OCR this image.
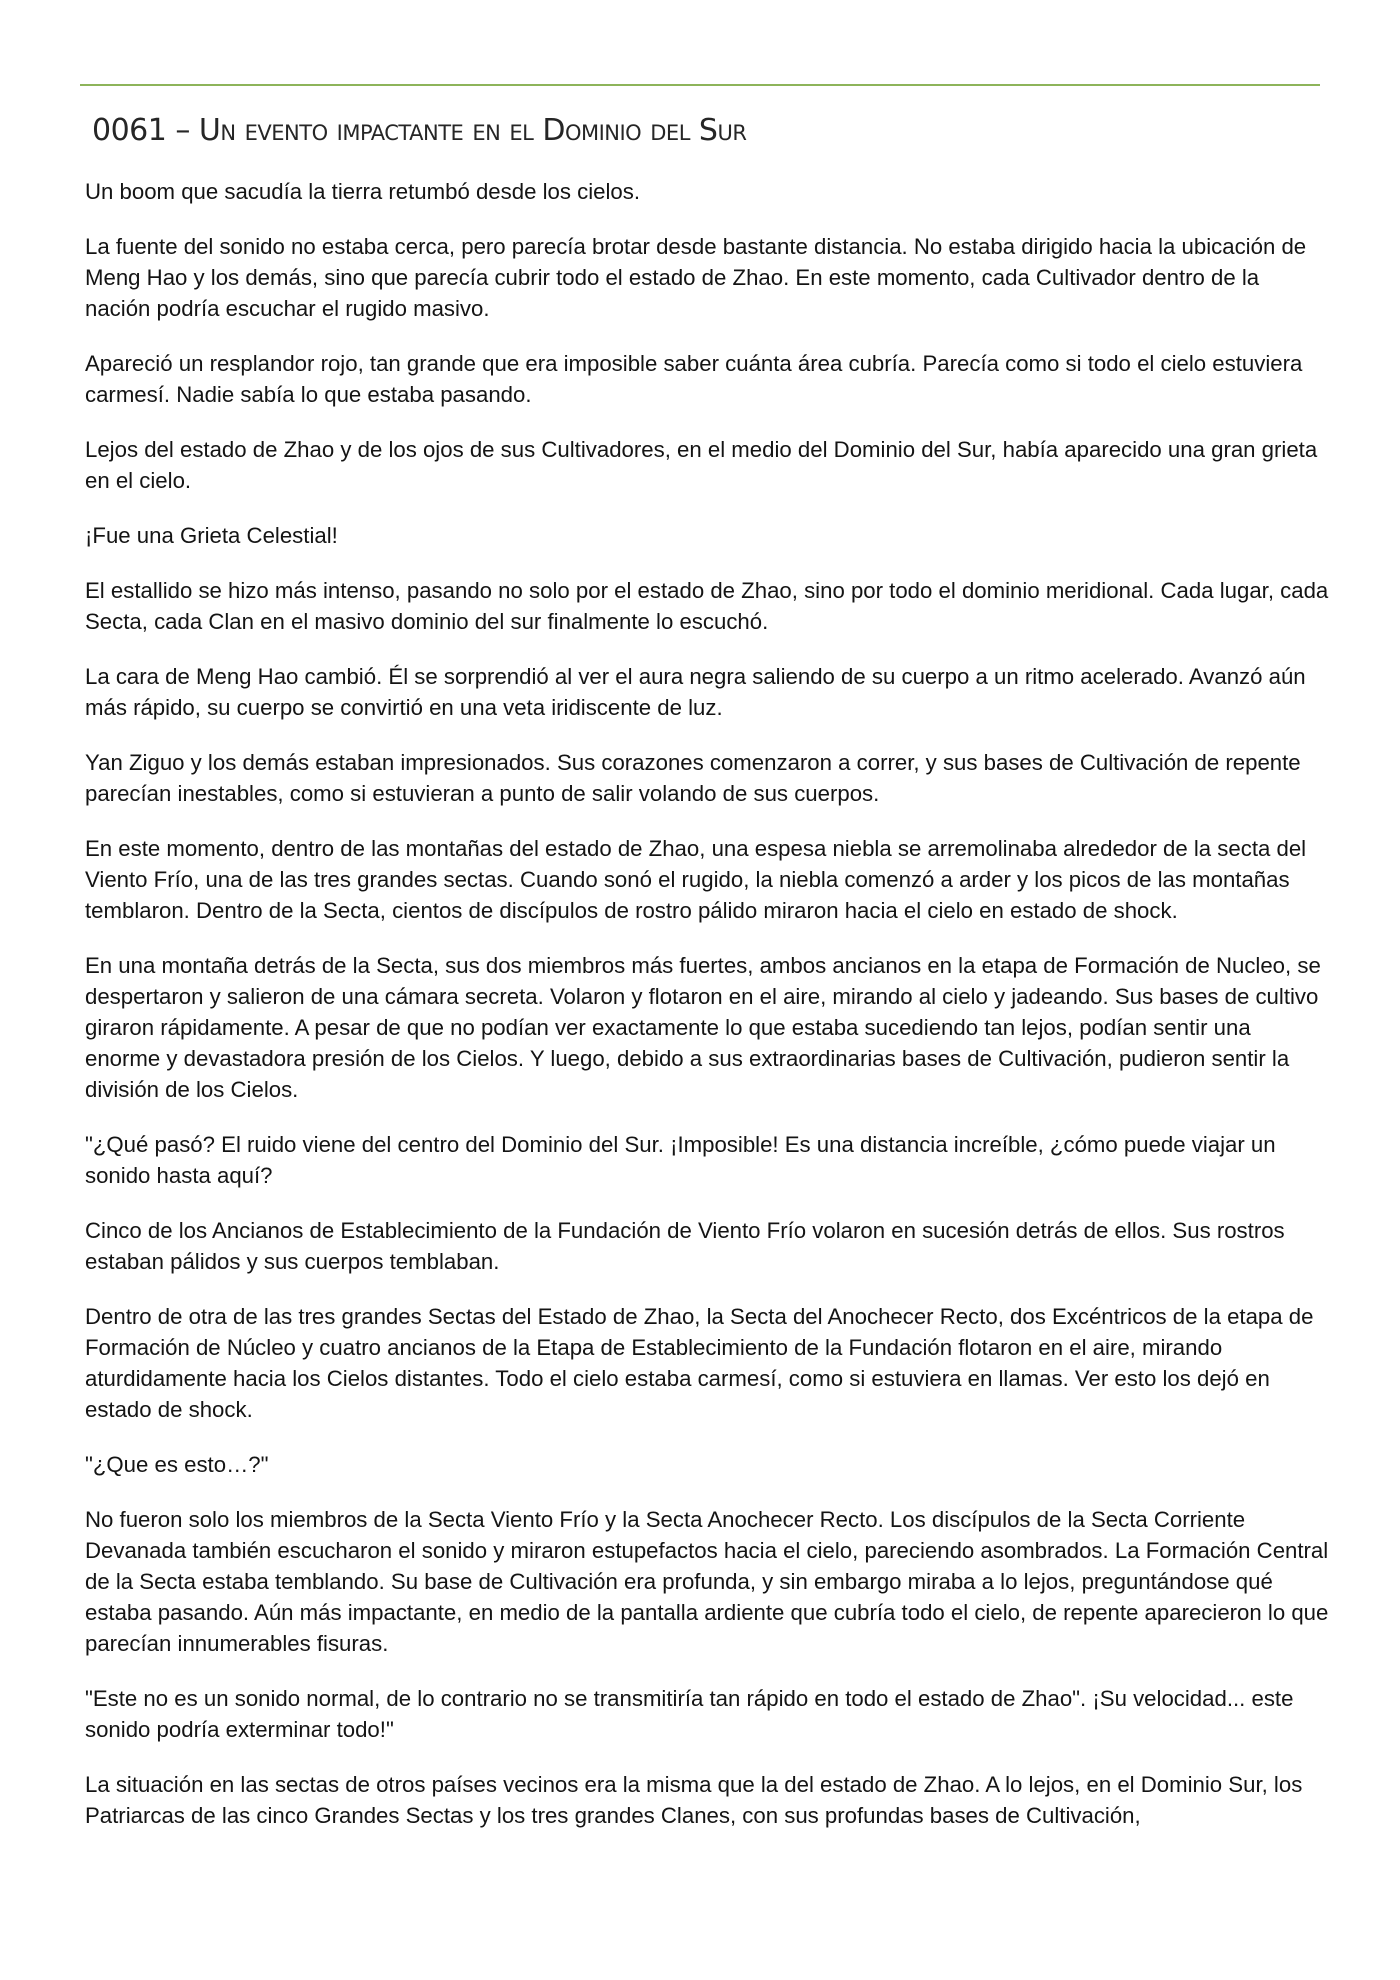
0061 – Un evento impactante en el Dominio del Sur

Un boom que sacudía la tierra retumbó desde los cielos.

La fuente del sonido no estaba cerca, pero parecía brotar desde bastante distancia. No estaba dirigido hacia la ubicación de Meng Hao y los demás, sino que parecía cubrir todo el estado de Zhao. En este momento, cada Cultivador dentro de la nación podría escuchar el rugido masivo.

Apareció un resplandor rojo, tan grande que era imposible saber cuánta área cubría. Parecía como si todo el cielo estuviera carmesí. Nadie sabía lo que estaba pasando.

Lejos del estado de Zhao y de los ojos de sus Cultivadores, en el medio del Dominio del Sur, había aparecido una gran grieta en el cielo.

¡Fue una Grieta Celestial!

El estallido se hizo más intenso, pasando no solo por el estado de Zhao, sino por todo el dominio meridional. Cada lugar, cada Secta, cada Clan en el masivo dominio del sur finalmente lo escuchó.

La cara de Meng Hao cambió. Él se sorprendió al ver el aura negra saliendo de su cuerpo a un ritmo acelerado. Avanzó aún más rápido, su cuerpo se convirtió en una veta iridiscente de luz.

Yan Ziguo y los demás estaban impresionados. Sus corazones comenzaron a correr, y sus bases de Cultivación de repente parecían inestables, como si estuvieran a punto de salir volando de sus cuerpos.

En este momento, dentro de las montañas del estado de Zhao, una espesa niebla se arremolinaba alrededor de la secta del Viento Frío, una de las tres grandes sectas. Cuando sonó el rugido, la niebla comenzó a arder y los picos de las montañas temblaron. Dentro de la Secta, cientos de discípulos de rostro pálido miraron hacia el cielo en estado de shock.

En una montaña detrás de la Secta, sus dos miembros más fuertes, ambos ancianos en la etapa de Formación de Nucleo, se despertaron y salieron de una cámara secreta. Volaron y flotaron en el aire, mirando al cielo y jadeando. Sus bases de cultivo giraron rápidamente. A pesar de que no podían ver exactamente lo que estaba sucediendo tan lejos, podían sentir una enorme y devastadora presión de los Cielos. Y luego, debido a sus extraordinarias bases de Cultivación, pudieron sentir la división de los Cielos.

"¿Qué pasó? El ruido viene del centro del Dominio del Sur. ¡Imposible! Es una distancia increíble, ¿cómo puede viajar un sonido hasta aquí?

Cinco de los Ancianos de Establecimiento de la Fundación de Viento Frío volaron en sucesión detrás de ellos. Sus rostros estaban pálidos y sus cuerpos temblaban.

Dentro de otra de las tres grandes Sectas del Estado de Zhao, la Secta del Anochecer Recto, dos Excéntricos de la etapa de Formación de Núcleo y cuatro ancianos de la Etapa de Establecimiento de la Fundación flotaron en el aire, mirando aturdidamente hacia los Cielos distantes. Todo el cielo estaba carmesí, como si estuviera en llamas. Ver esto los dejó en estado de shock.

"¿Que es esto…?"

No fueron solo los miembros de la Secta Viento Frío y la Secta Anochecer Recto. Los discípulos de la Secta Corriente Devanada también escucharon el sonido y miraron estupefactos hacia el cielo, pareciendo asombrados. La Formación Central de la Secta estaba temblando. Su base de Cultivación era profunda, y sin embargo miraba a lo lejos, preguntándose qué estaba pasando. Aún más impactante, en medio de la pantalla ardiente que cubría todo el cielo, de repente aparecieron lo que parecían innumerables fisuras.

"Este no es un sonido normal, de lo contrario no se transmitiría tan rápido en todo el estado de Zhao". ¡Su velocidad... este sonido podría exterminar todo!"

La situación en las sectas de otros países vecinos era la misma que la del estado de Zhao. A lo lejos, en el Dominio Sur, los Patriarcas de las cinco Grandes Sectas y los tres grandes Clanes, con sus profundas bases de Cultivación,
